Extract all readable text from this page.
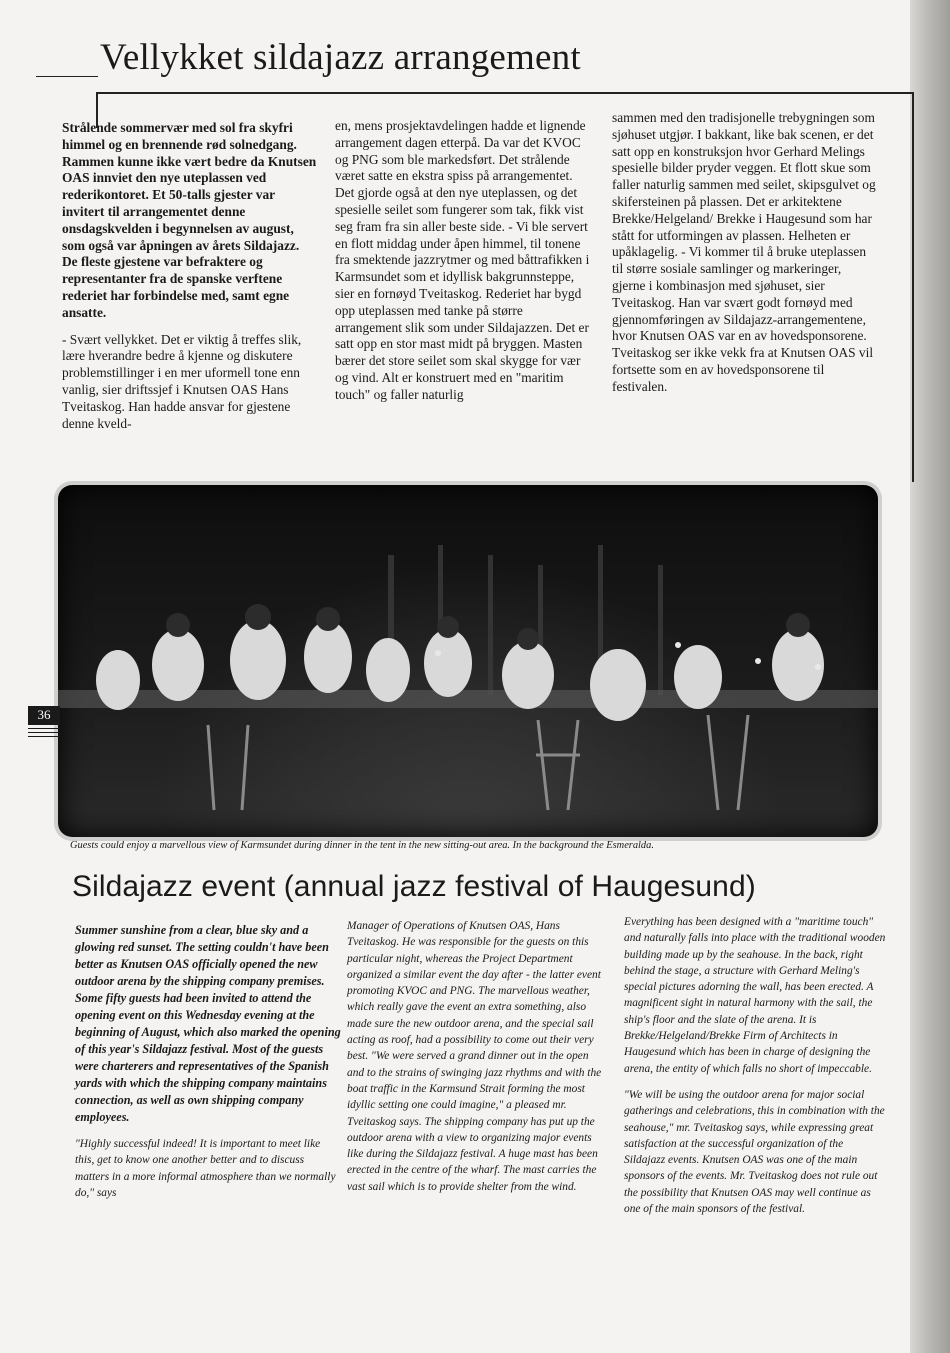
Vellykket sildajazz arrangement

Strålende sommervær med sol fra skyfri himmel og en brennende rød solnedgang. Rammen kunne ikke vært bedre da Knutsen OAS innviet den nye uteplassen ved rederikontoret. Et 50-talls gjester var invitert til arrangementet denne onsdagskvelden i begynnelsen av august, som også var åpningen av årets Sildajazz. De fleste gjestene var befraktere og representanter fra de spanske verftene rederiet har forbindelse med, samt egne ansatte.

- Svært vellykket. Det er viktig å treffes slik, lære hverandre bedre å kjenne og diskutere problemstillinger i en mer uformell tone enn vanlig, sier driftssjef i Knutsen OAS Hans Tveitaskog. Han hadde ansvar for gjestene denne kveld-

en, mens prosjektavdelingen hadde et lignende arrangement dagen etterpå. Da var det KVOC og PNG som ble markedsført. Det strålende været satte en ekstra spiss på arrangementet. Det gjorde også at den nye uteplassen, og det spesielle seilet som fungerer som tak, fikk vist seg fram fra sin aller beste side. - Vi ble servert en flott middag under åpen himmel, til tonene fra smektende jazzrytmer og med båttrafikken i Karmsundet som et idyllisk bakgrunnsteppe, sier en fornøyd Tveitaskog. Rederiet har bygd opp uteplassen med tanke på større arrangement slik som under Sildajazzen. Det er satt opp en stor mast midt på bryggen. Masten bærer det store seilet som skal skygge for vær og vind. Alt er konstruert med en "maritim touch" og faller naturlig

sammen med den tradisjonelle trebygningen som sjøhuset utgjør. I bakkant, like bak scenen, er det satt opp en konstruksjon hvor Gerhard Melings spesielle bilder pryder veggen. Et flott skue som faller naturlig sammen med seilet, skipsgulvet og skifersteinen på plassen. Det er arkitektene Brekke/Helgeland/ Brekke i Haugesund som har stått for utformingen av plassen. Helheten er upåklagelig. - Vi kommer til å bruke uteplassen til større sosiale samlinger og markeringer, gjerne i kombinasjon med sjøhuset, sier Tveitaskog. Han var svært godt fornøyd med gjennomføringen av Sildajazz-arrangementene, hvor Knutsen OAS var en av hovedsponsorene. Tveitaskog ser ikke vekk fra at Knutsen OAS vil fortsette som en av hovedsponsorene til festivalen.

Guests could enjoy a marvellous view of Karmsundet during dinner in the tent in the new sitting-out area. In the background the Esmeralda.

36
Sildajazz event (annual jazz festival of Haugesund)

Summer sunshine from a clear, blue sky and a glowing red sunset. The setting couldn't have been better as Knutsen OAS officially opened the new outdoor arena by the shipping company premises. Some fifty guests had been invited to attend the opening event on this Wednesday evening at the beginning of August, which also marked the opening of this year's Sildajazz festival. Most of the guests were charterers and representatives of the Spanish yards with which the shipping company maintains connection, as well as own shipping company employees.

"Highly successful indeed! It is important to meet like this, get to know one another better and to discuss matters in a more informal atmosphere than we normally do," says

Manager of Operations of Knutsen OAS, Hans Tveitaskog. He was responsible for the guests on this particular night, whereas the Project Department organized a similar event the day after - the latter event promoting KVOC and PNG. The marvellous weather, which really gave the event an extra something, also made sure the new outdoor arena, and the special sail acting as roof, had a possibility to come out their very best. "We were served a grand dinner out in the open and to the strains of swinging jazz rhythms and with the boat traffic in the Karmsund Strait forming the most idyllic setting one could imagine," a pleased mr. Tveitaskog says. The shipping company has put up the outdoor arena with a view to organizing major events like during the Sildajazz festival. A huge mast has been erected in the centre of the wharf. The mast carries the vast sail which is to provide shelter from the wind.

Everything has been designed with a "maritime touch" and naturally falls into place with the traditional wooden building made up by the seahouse. In the back, right behind the stage, a structure with Gerhard Meling's special pictures adorning the wall, has been erected. A magnificent sight in natural harmony with the sail, the ship's floor and the slate of the arena. It is Brekke/Helgeland/Brekke Firm of Architects in Haugesund which has been in charge of designing the arena, the entity of which falls no short of impeccable.

"We will be using the outdoor arena for major social gatherings and celebrations, this in combination with the seahouse," mr. Tveitaskog says, while expressing great satisfaction at the successful organization of the Sildajazz events. Knutsen OAS was one of the main sponsors of the events. Mr. Tveitaskog does not rule out the possibility that Knutsen OAS may well continue as one of the main sponsors of the festival.
